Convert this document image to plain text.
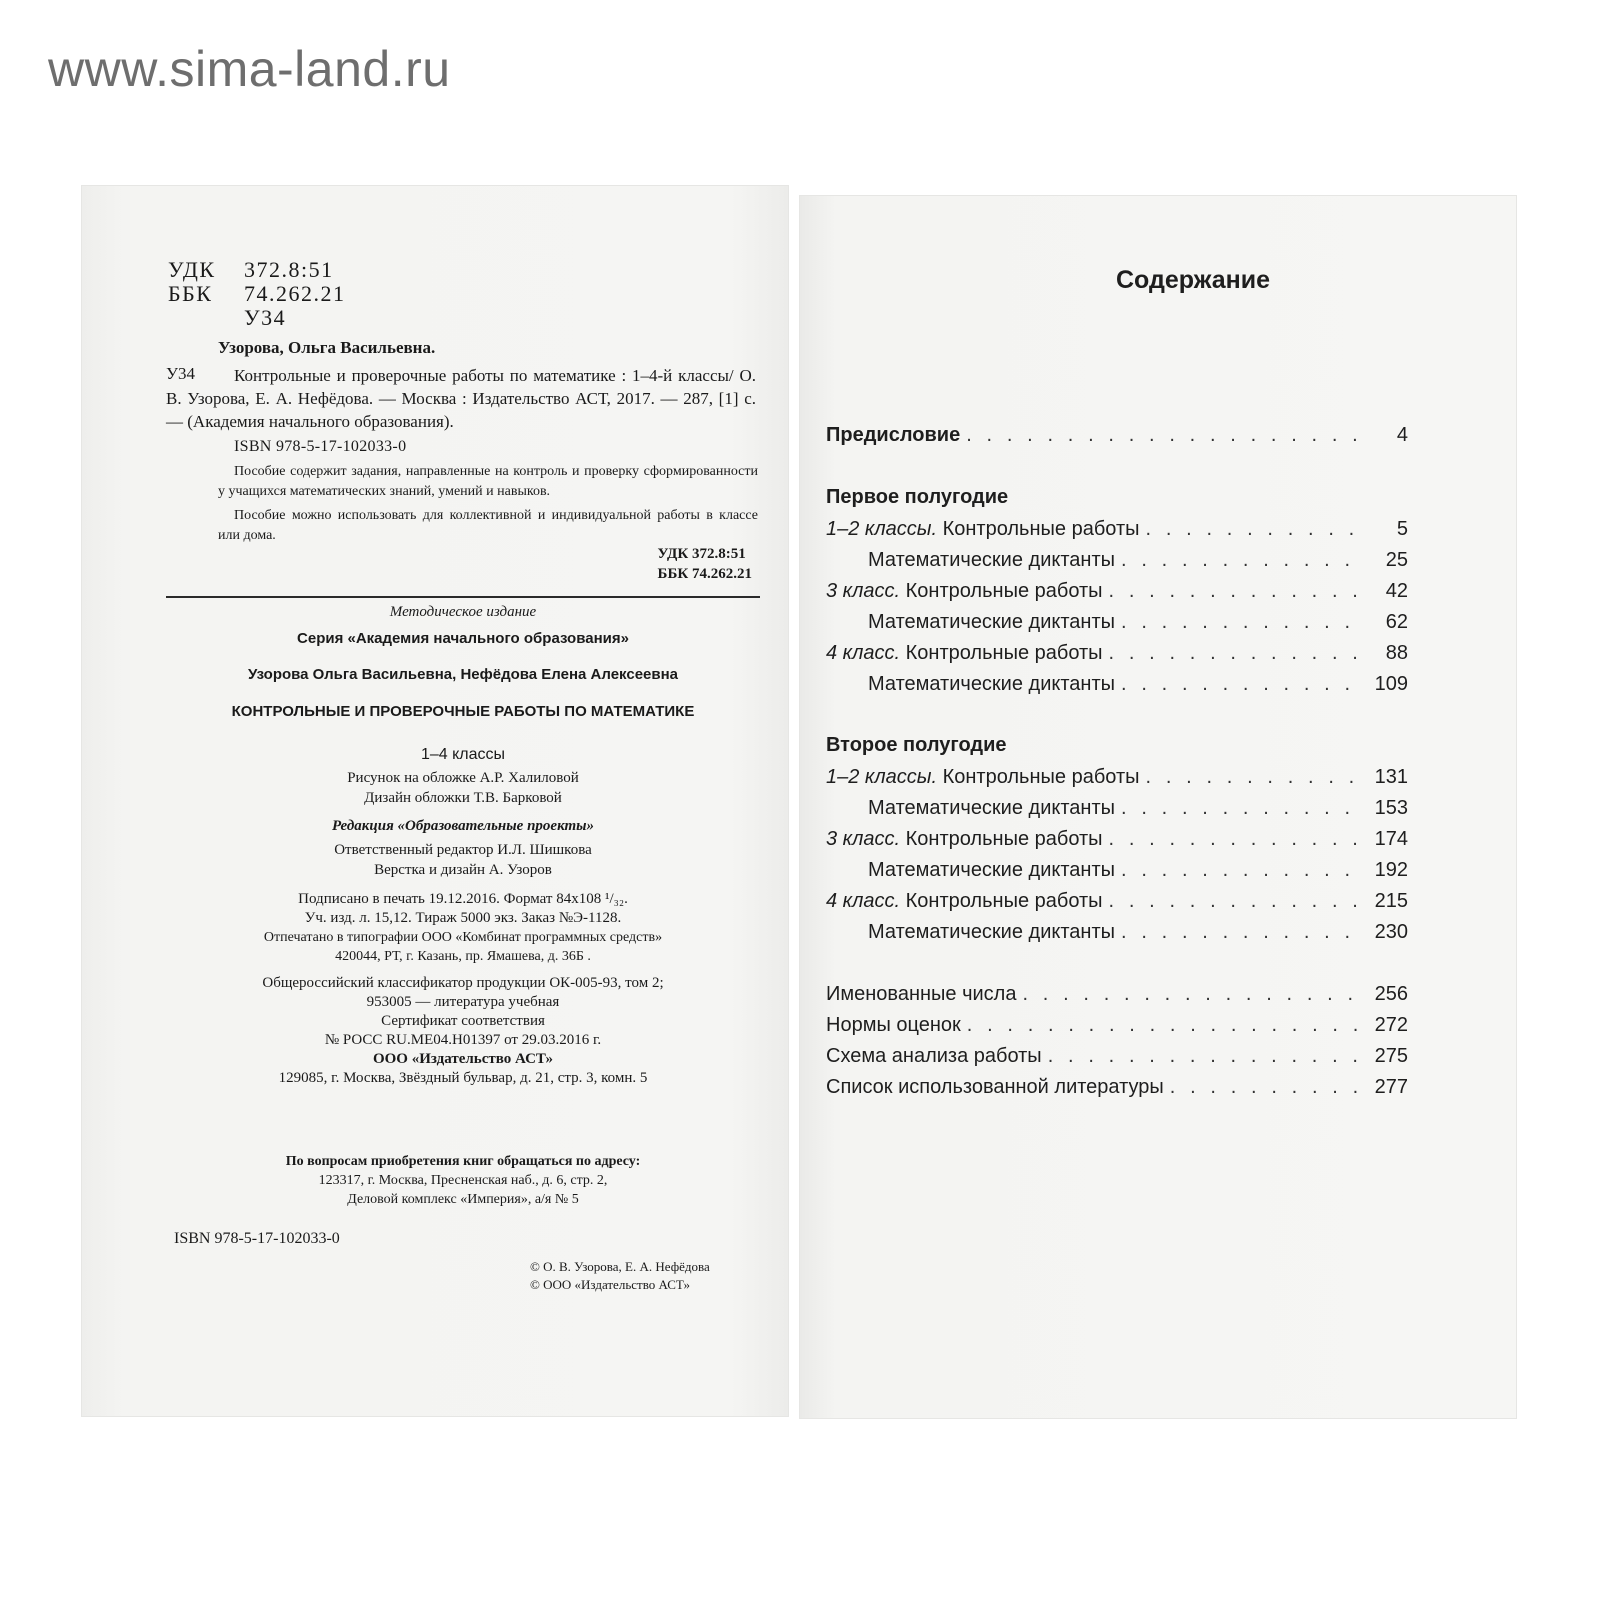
www.sima-land.ru
УДК	372.8:51
ББК	74.262.21
У34
Узорова, Ольга Васильевна.
У34	Контрольные и проверочные работы по математике : 1–4-й классы/ О. В. Узорова, Е. А. Нефёдова. — Москва : Издательство АСТ, 2017. — 287, [1] с. — (Академия начального образования).

ISBN 978-5-17-102033-0

Пособие содержит задания, направленные на контроль и проверку сформированности у учащихся математических знаний, умений и навыков.

Пособие можно использовать для коллективной и индивидуальной работы в классе или дома.

УДК 372.8:51
ББК 74.262.21
Методическое издание
Серия «Академия начального образования»
Узорова Ольга Васильевна, Нефёдова Елена Алексеевна
КОНТРОЛЬНЫЕ И ПРОВЕРОЧНЫЕ РАБОТЫ ПО МАТЕМАТИКЕ
1–4 классы
Рисунок на обложке А.Р. Халиловой
Дизайн обложки Т.В. Барковой
Редакция «Образовательные проекты»
Ответственный редактор И.Л. Шишкова
Верстка и дизайн А. Узоров

Подписано в печать 19.12.2016. Формат 84x108 ¹/₃₂.

Уч. изд. л. 15,12. Тираж 5000 экз. Заказ №Э-1128.

Отпечатано в типографии ООО «Комбинат программных средств»

420044, РТ, г. Казань, пр. Ямашева, д. 36Б .

Общероссийский классификатор продукции ОК-005-93, том 2;

953005 — литература учебная

Сертификат соответствия

№ РОСС RU.МЕ04.Н01397 от 29.03.2016 г.

ООО «Издательство АСТ»

129085, г. Москва, Звёздный бульвар, д. 21, стр. 3, комн. 5

По вопросам приобретения книг обращаться по адресу:

123317, г. Москва, Пресненская наб., д. 6, стр. 2,

Деловой комплекс «Империя», а/я № 5

ISBN 978-5-17-102033-0
© О. В. Узорова, Е. А. Нефёдова
© ООО «Издательство АСТ»
Содержание
Предисловие . . .	4
Первое полугодие
1–2 классы. Контрольные работы . . .	5
Математические диктанты . . .	25
3 класс. Контрольные работы . . .	42
Математические диктанты . . .	62
4 класс. Контрольные работы . . .	88
Математические диктанты . . .	109
Второе полугодие
1–2 классы. Контрольные работы . . .	131
Математические диктанты . . .	153
3 класс. Контрольные работы . . .	174
Математические диктанты . . .	192
4 класс. Контрольные работы . . .	215
Математические диктанты . . .	230
Именованные числа . . .	256
Нормы оценок . . .	272
Схема анализа работы . . .	275
Список использованной литературы . . .	277
